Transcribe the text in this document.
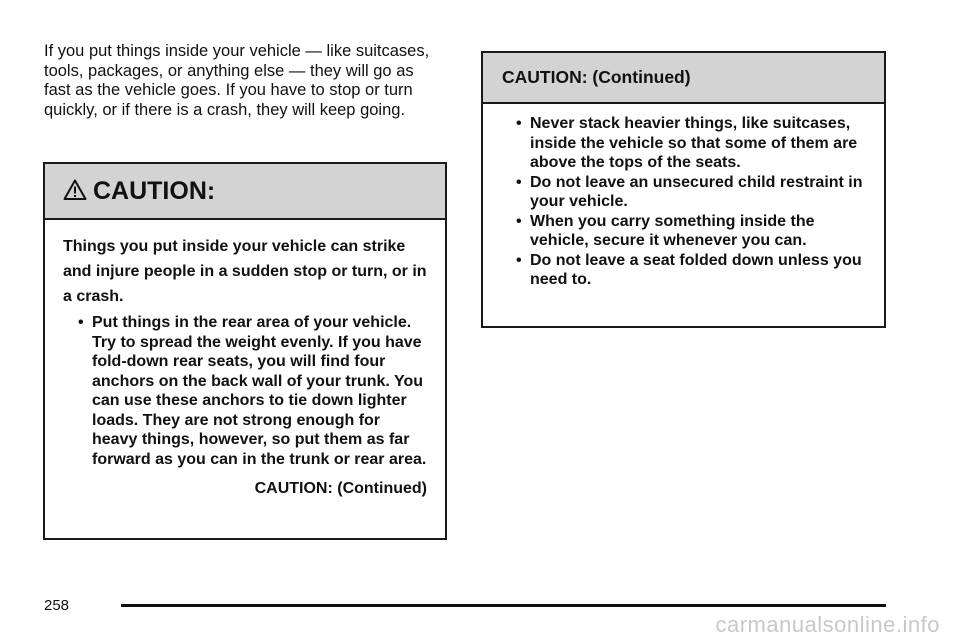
If you put things inside your vehicle — like suitcases, tools, packages, or anything else — they will go as fast as the vehicle goes. If you have to stop or turn quickly, or if there is a crash, they will keep going.

CAUTION:

Things you put inside your vehicle can strike and injure people in a sudden stop or turn, or in a crash.

• Put things in the rear area of your vehicle. Try to spread the weight evenly. If you have fold-down rear seats, you will find four anchors on the back wall of your trunk. You can use these anchors to tie down lighter loads. They are not strong enough for heavy things, however, so put them as far forward as you can in the trunk or rear area.
CAUTION: (Continued)
CAUTION: (Continued)
• Never stack heavier things, like suitcases, inside the vehicle so that some of them are above the tops of the seats.
• Do not leave an unsecured child restraint in your vehicle.
• When you carry something inside the vehicle, secure it whenever you can.
• Do not leave a seat folded down unless you need to.
258
carmanualsonline.info
